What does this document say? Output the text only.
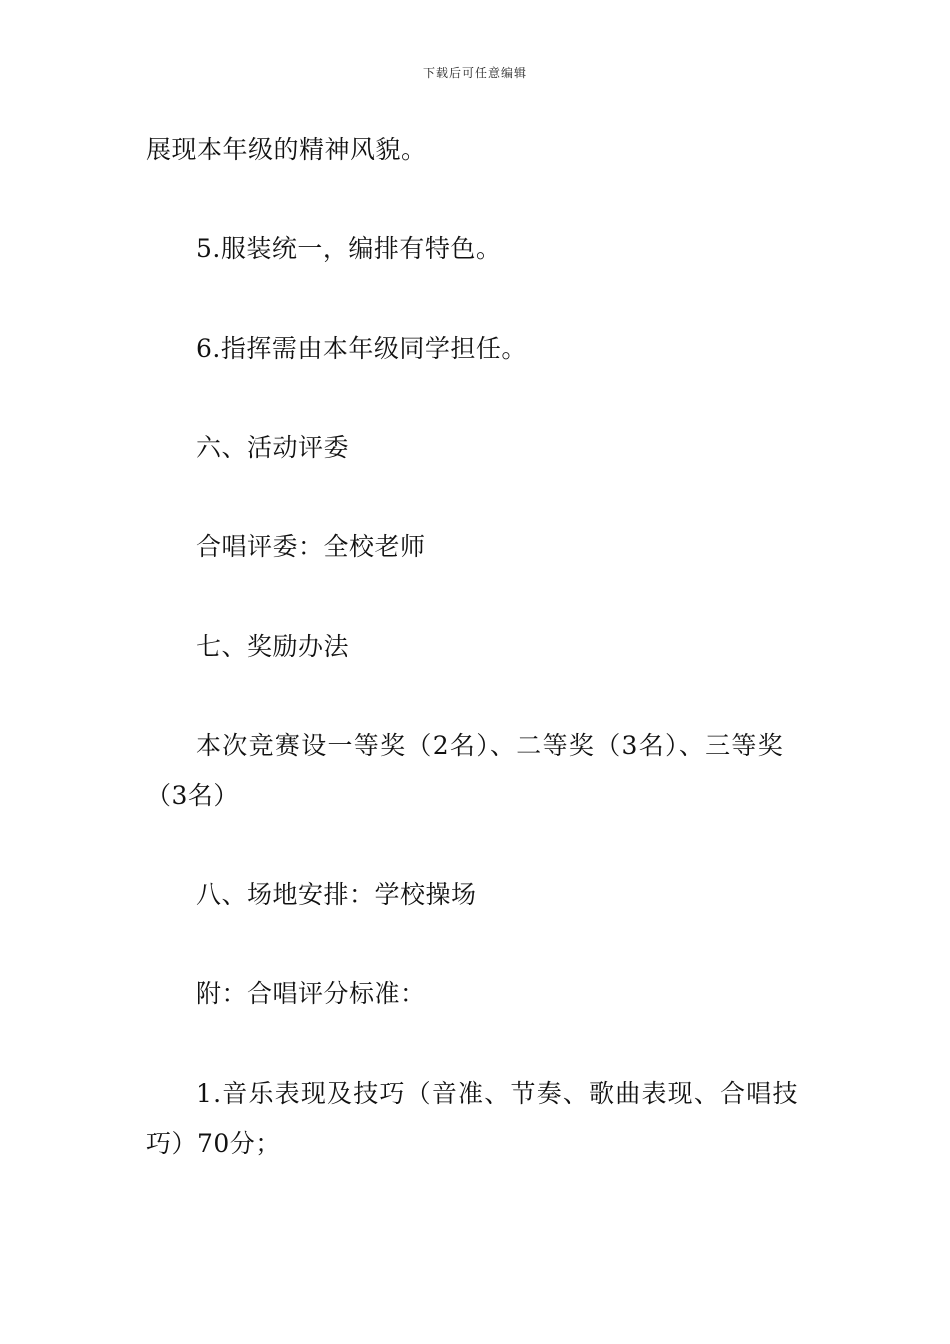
下载后可任意编辑
展现本年级的精神风貌。
5.服装统一，编排有特色。
6.指挥需由本年级同学担任。
六、活动评委
合唱评委：全校老师
七、奖励办法
本次竞赛设一等奖（2名）、二等奖（3名）、三等奖
（3名）
八、场地安排：学校操场
附：合唱评分标准：
1.音乐表现及技巧（音准、节奏、歌曲表现、合唱技
巧）70分；
